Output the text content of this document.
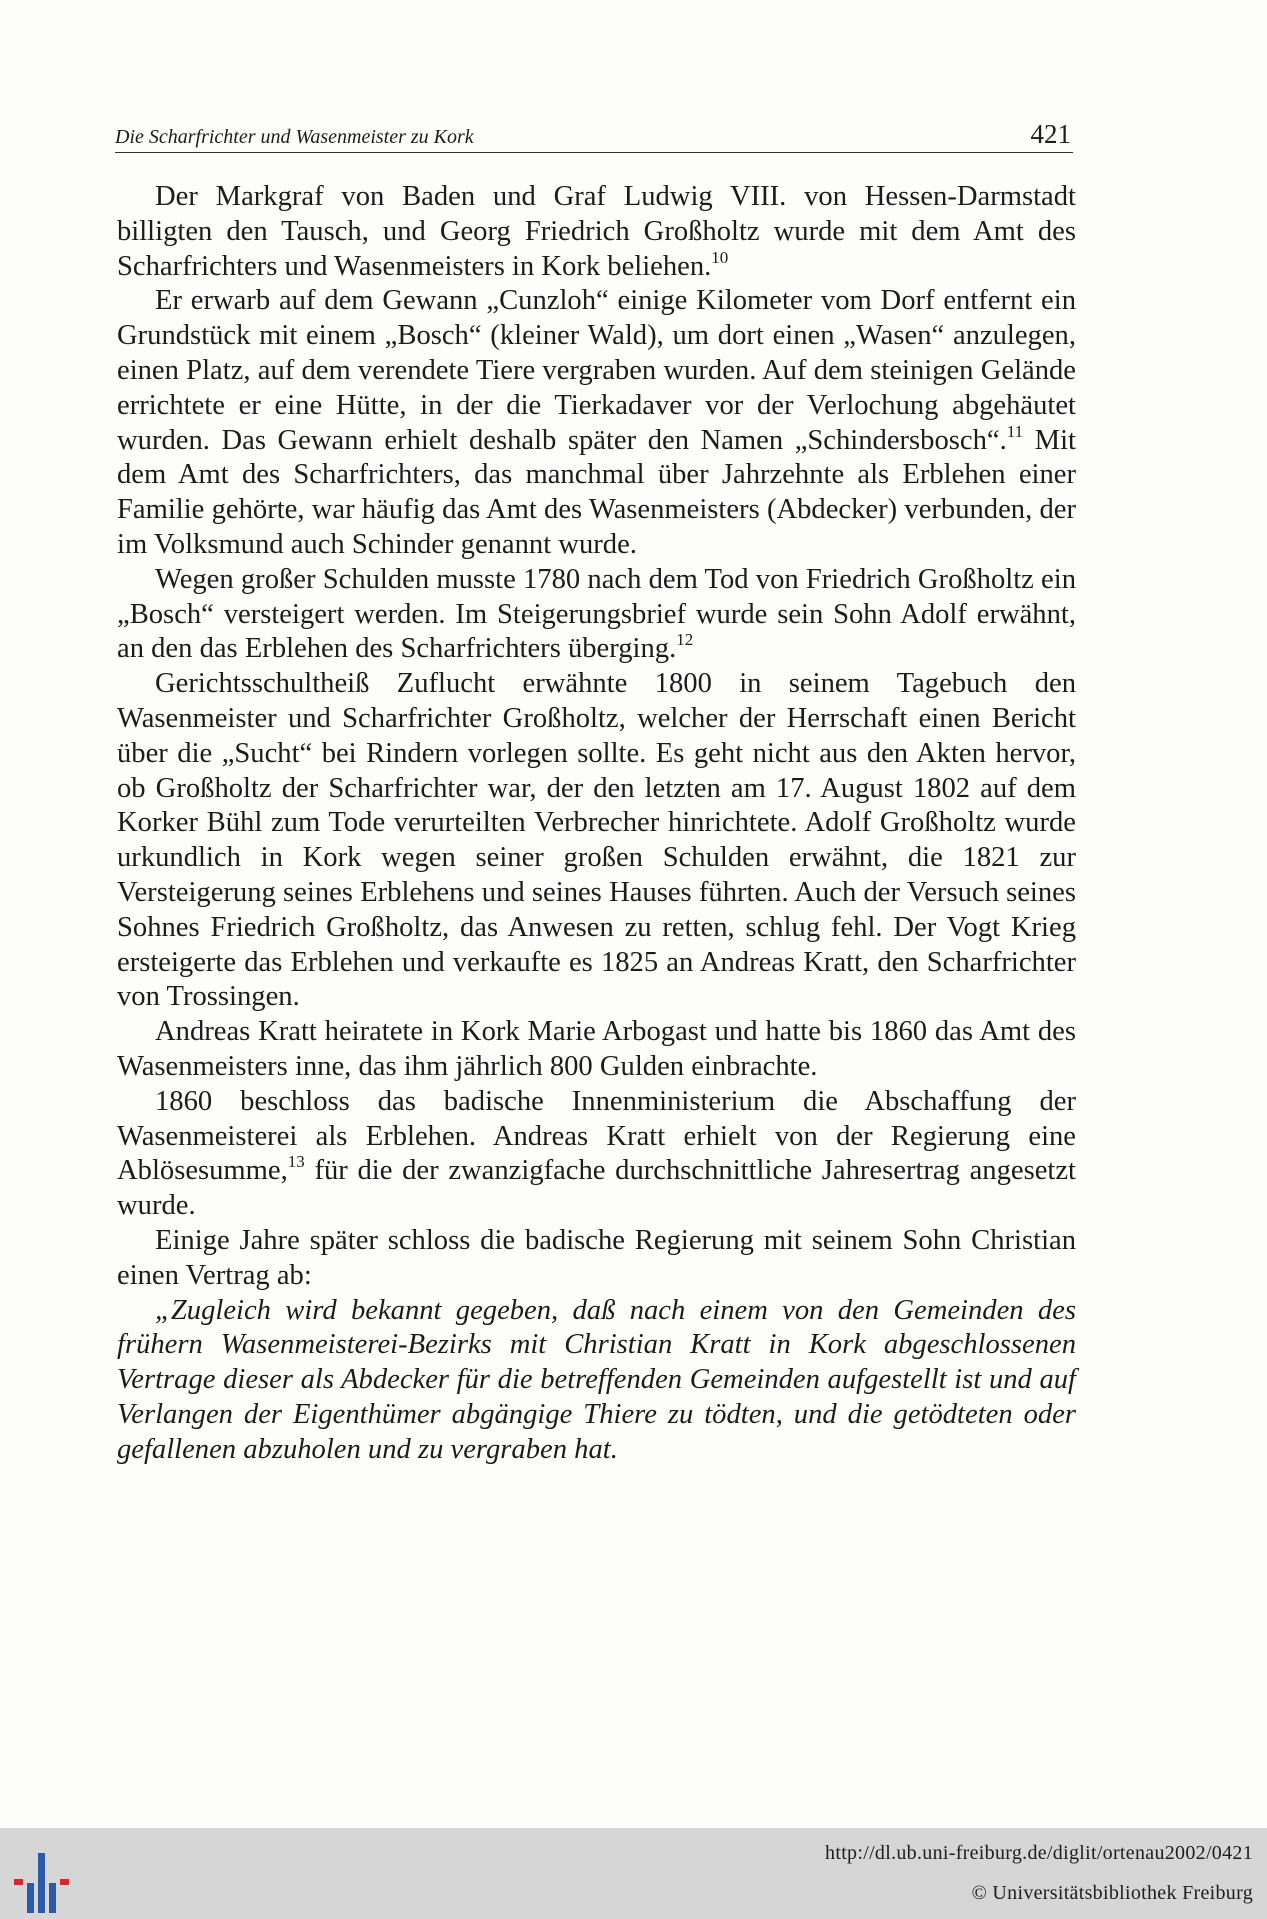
Die Scharfrichter und Wasenmeister zu Kork	421

Der Markgraf von Baden und Graf Ludwig VIII. von Hessen-Darmstadt billigten den Tausch, und Georg Friedrich Großholtz wurde mit dem Amt des Scharfrichters und Wasenmeisters in Kork beliehen.$^{10}$

Er erwarb auf dem Gewann „Cunzloh“ einige Kilometer vom Dorf entfernt ein Grundstück mit einem „Bosch“ (kleiner Wald), um dort einen „Wasen“ anzulegen, einen Platz, auf dem verendete Tiere vergraben wurden. Auf dem steinigen Gelände errichtete er eine Hütte, in der die Tierkadaver vor der Verlochung abgehäutet wurden. Das Gewann erhielt deshalb später den Namen „Schindersbosch“.$^{11}$ Mit dem Amt des Scharfrichters, das manchmal über Jahrzehnte als Erblehen einer Familie gehörte, war häufig das Amt des Wasenmeisters (Abdecker) verbunden, der im Volksmund auch Schinder genannt wurde.

Wegen großer Schulden musste 1780 nach dem Tod von Friedrich Großholtz ein „Bosch“ versteigert werden. Im Steigerungsbrief wurde sein Sohn Adolf erwähnt, an den das Erblehen des Scharfrichters überging.$^{12}$

Gerichtsschultheiß Zuflucht erwähnte 1800 in seinem Tagebuch den Wasenmeister und Scharfrichter Großholtz, welcher der Herrschaft einen Bericht über die „Sucht“ bei Rindern vorlegen sollte. Es geht nicht aus den Akten hervor, ob Großholtz der Scharfrichter war, der den letzten am 17. August 1802 auf dem Korker Bühl zum Tode verurteilten Verbrecher hinrichtete. Adolf Großholtz wurde urkundlich in Kork wegen seiner großen Schulden erwähnt, die 1821 zur Versteigerung seines Erblehens und seines Hauses führten. Auch der Versuch seines Sohnes Friedrich Großholtz, das Anwesen zu retten, schlug fehl. Der Vogt Krieg ersteigerte das Erblehen und verkaufte es 1825 an Andreas Kratt, den Scharfrichter von Trossingen.

Andreas Kratt heiratete in Kork Marie Arbogast und hatte bis 1860 das Amt des Wasenmeisters inne, das ihm jährlich 800 Gulden einbrachte.

1860 beschloss das badische Innenministerium die Abschaffung der Wasenmeisterei als Erblehen. Andreas Kratt erhielt von der Regierung eine Ablösesumme,$^{13}$ für die der zwanzigfache durchschnittliche Jahresertrag angesetzt wurde.

Einige Jahre später schloss die badische Regierung mit seinem Sohn Christian einen Vertrag ab:

„Zugleich wird bekannt gegeben, daß nach einem von den Gemeinden des frühern Wasenmeisterei-Bezirks mit Christian Kratt in Kork abgeschlossenen Vertrage dieser als Abdecker für die betreffenden Gemeinden aufgestellt ist und auf Verlangen der Eigenthümer abgängige Thiere zu tödten, und die getödteten oder gefallenen abzuholen und zu vergraben hat.

http://dl.ub.uni-freiburg.de/diglit/ortenau2002/0421
© Universitätsbibliothek Freiburg
